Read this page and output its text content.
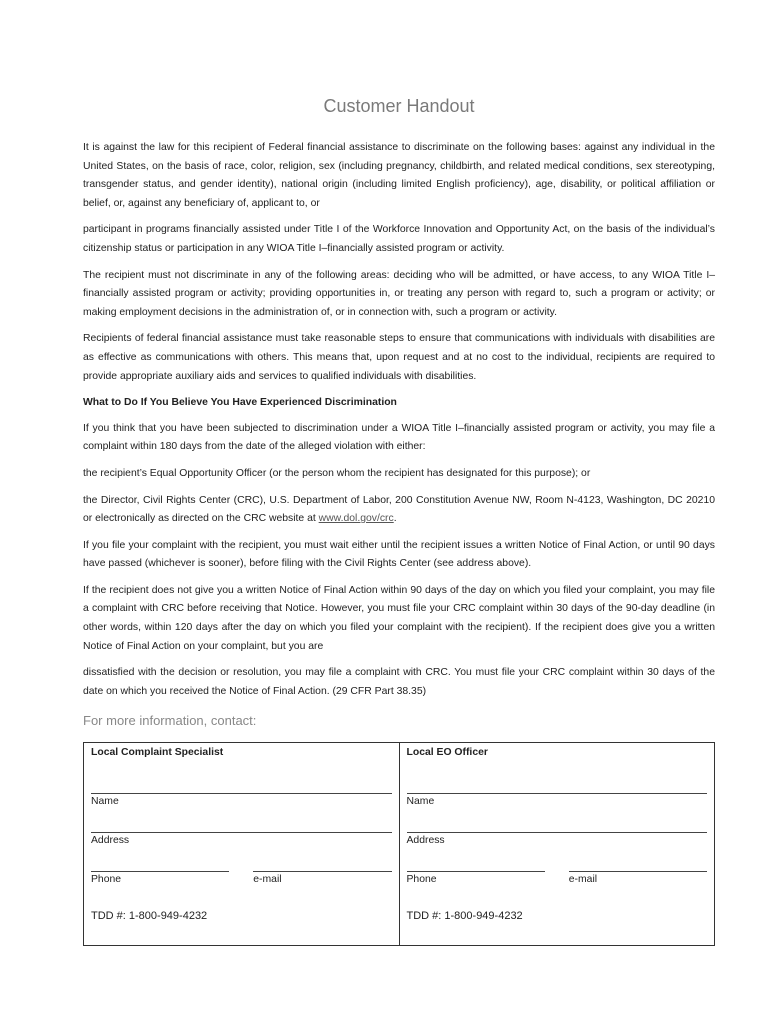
Customer Handout

It is against the law for this recipient of Federal financial assistance to discriminate on the following bases: against any individual in the United States, on the basis of race, color, religion, sex (including pregnancy, childbirth, and related medical conditions, sex stereotyping, transgender status, and gender identity), national origin (including limited English proficiency), age, disability, or political affiliation or belief, or, against any beneficiary of, applicant to, or

participant in programs financially assisted under Title I of the Workforce Innovation and Opportunity Act, on the basis of the individual’s citizenship status or participation in any WIOA Title I–financially assisted program or activity.

The recipient must not discriminate in any of the following areas: deciding who will be admitted, or have access, to any WIOA Title I–financially assisted program or activity; providing opportunities in, or treating any person with regard to, such a program or activity; or making employment decisions in the administration of, or in connection with, such a program or activity.

Recipients of federal financial assistance must take reasonable steps to ensure that communications with individuals with disabilities are as effective as communications with others. This means that, upon request and at no cost to the individual, recipients are required to provide appropriate auxiliary aids and services to qualified individuals with disabilities.

What to Do If You Believe You Have Experienced Discrimination

If you think that you have been subjected to discrimination under a WIOA Title I–financially assisted program or activity, you may file a complaint within 180 days from the date of the alleged violation with either:

the recipient’s Equal Opportunity Officer (or the person whom the recipient has designated for this purpose); or

the Director, Civil Rights Center (CRC), U.S. Department of Labor, 200 Constitution Avenue NW, Room N-4123, Washington, DC 20210 or electronically as directed on the CRC website at www.dol.gov/crc.

If you file your complaint with the recipient, you must wait either until the recipient issues a written Notice of Final Action, or until 90 days have passed (whichever is sooner), before filing with the Civil Rights Center (see address above).

If the recipient does not give you a written Notice of Final Action within 90 days of the day on which you filed your complaint, you may file a complaint with CRC before receiving that Notice. However, you must file your CRC complaint within 30 days of the 90-day deadline (in other words, within 120 days after the day on which you filed your complaint with the recipient). If the recipient does give you a written Notice of Final Action on your complaint, but you are

dissatisfied with the decision or resolution, you may file a complaint with CRC. You must file your CRC complaint within 30 days of the date on which you received the Notice of Final Action. (29 CFR Part 38.35)

For more information, contact:
Local Complaint Specialist
Name
Address
Phone	e-mail
TDD #: 1-800-949-4232

Local EO Officer
Name
Address
Phone	e-mail
TDD #: 1-800-949-4232
